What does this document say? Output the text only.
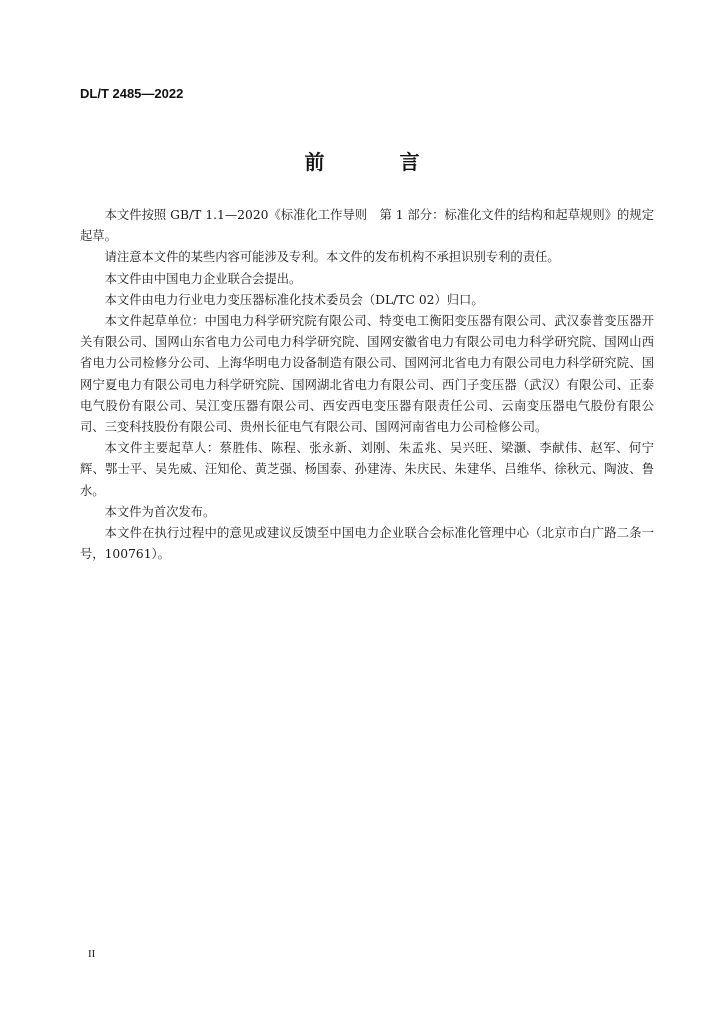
DL/T 2485—2022
前 言

本文件按照 GB/T 1.1—2020《标准化工作导则　第 1 部分：标准化文件的结构和起草规则》的规定起草。

请注意本文件的某些内容可能涉及专利。本文件的发布机构不承担识别专利的责任。

本文件由中国电力企业联合会提出。

本文件由电力行业电力变压器标准化技术委员会（DL/TC 02）归口。

本文件起草单位：中国电力科学研究院有限公司、特变电工衡阳变压器有限公司、武汉泰普变压器开关有限公司、国网山东省电力公司电力科学研究院、国网安徽省电力有限公司电力科学研究院、国网山西省电力公司检修分公司、上海华明电力设备制造有限公司、国网河北省电力有限公司电力科学研究院、国网宁夏电力有限公司电力科学研究院、国网湖北省电力有限公司、西门子变压器（武汉）有限公司、正泰电气股份有限公司、吴江变压器有限公司、西安西电变压器有限责任公司、云南变压器电气股份有限公司、三变科技股份有限公司、贵州长征电气有限公司、国网河南省电力公司检修公司。

本文件主要起草人：蔡胜伟、陈程、张永新、刘刚、朱孟兆、吴兴旺、梁灏、李献伟、赵军、何宁辉、鄂士平、吴先威、汪知伦、黄芝强、杨国泰、孙建涛、朱庆民、朱建华、吕维华、徐秋元、陶波、鲁水。

本文件为首次发布。

本文件在执行过程中的意见或建议反馈至中国电力企业联合会标准化管理中心（北京市白广路二条一号，100761）。

II
